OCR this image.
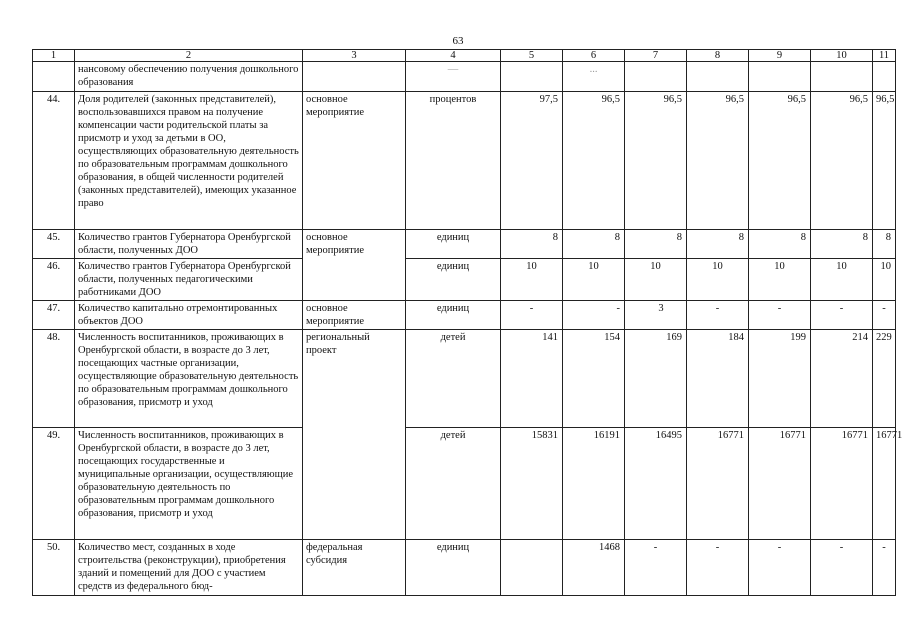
63
1	2	3	4	5	6	7	8	9	10	11
	нансовому обеспечению получения дошкольного образования		—		...					
44.	Доля родителей (законных представителей), воспользовавшихся правом на получение компенсации части родительской платы за присмотр и уход за детьми в ОО, осуществляющих образовательную деятельность по образовательным программам дошкольного образования, в общей численности родителей (законных представителей), имеющих указанное право	основное мероприятие	процентов	97,5	96,5	96,5	96,5	96,5	96,5	96,5
45.	Количество грантов Губернатора Оренбургской области, полученных ДОО	основное мероприятие	единиц	8	8	8	8	8	8	8
46.	Количество грантов Губернатора Оренбургской области, полученных педагогическими работниками ДОО		единиц	10	10	10	10	10	10	10
47.	Количество капитально отремонтированных объектов ДОО	основное мероприятие	единиц	-	-	3	-	-	-	-
48.	Численность воспитанников, проживающих в Оренбургской области, в возрасте до 3 лет, посещающих частные организации, осуществляющие образовательную деятельность по образовательным программам дошкольного образования, присмотр и уход	региональный проект	детей	141	154	169	184	199	214	229
49.	Численность воспитанников, проживающих в Оренбургской области, в возрасте до 3 лет, посещающих государственные и муниципальные организации, осуществляющие образовательную деятельность по образовательным программам дошкольного образования, присмотр и уход		детей	15831	16191	16495	16771	16771	16771	16771
50.	Количество мест, созданных в ходе строительства (реконструкции), приобретения зданий и помещений для ДОО с участием средств из федерального бюд-	федеральная субсидия	единиц		1468	-	-	-	-	-
